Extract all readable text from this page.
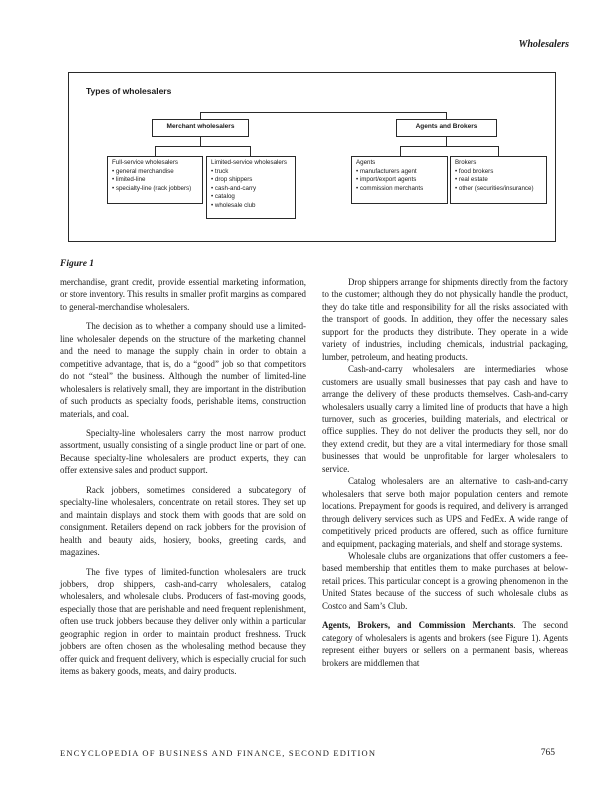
Wholesalers
Types of wholesalers
Merchant wholesalers	Agents and Brokers
Full-service wholesalers
• general merchandise
• limited-line
• specialty-line (rack jobbers)
Limited-service wholesalers
• truck
• drop shippers
• cash-and-carry
• catalog
• wholesale club
Agents
• manufacturers agent
• import/export agents
• commission merchants
Brokers
• food brokers
• real estate
• other (securities/insurance)
Figure 1

merchandise, grant credit, provide essential marketing information, or store inventory. This results in smaller profit margins as compared to general-merchandise wholesalers.

The decision as to whether a company should use a limited-line wholesaler depends on the structure of the marketing channel and the need to manage the supply chain in order to obtain a competitive advantage, that is, do a “good” job so that competitors do not “steal” the business. Although the number of limited-line wholesalers is relatively small, they are important in the distribution of such products as specialty foods, perishable items, construction materials, and coal.

Specialty-line wholesalers carry the most narrow product assortment, usually consisting of a single product line or part of one. Because specialty-line wholesalers are product experts, they can offer extensive sales and product support.

Rack jobbers, sometimes considered a subcategory of specialty-line wholesalers, concentrate on retail stores. They set up and maintain displays and stock them with goods that are sold on consignment. Retailers depend on rack jobbers for the provision of health and beauty aids, hosiery, books, greeting cards, and magazines.

The five types of limited-function wholesalers are truck jobbers, drop shippers, cash-and-carry wholesalers, catalog wholesalers, and wholesale clubs. Producers of fast-moving goods, especially those that are perishable and need frequent replenishment, often use truck jobbers because they deliver only within a particular geographic region in order to maintain product freshness. Truck jobbers are often chosen as the wholesaling method because they offer quick and frequent delivery, which is especially crucial for such items as bakery goods, meats, and dairy products.

Drop shippers arrange for shipments directly from the factory to the customer; although they do not physically handle the product, they do take title and responsibility for all the risks associated with the transport of goods. In addition, they offer the necessary sales support for the products they distribute. They operate in a wide variety of industries, including chemicals, industrial packaging, lumber, petroleum, and heating products.

Cash-and-carry wholesalers are intermediaries whose customers are usually small businesses that pay cash and have to arrange the delivery of these products themselves. Cash-and-carry wholesalers usually carry a limited line of products that have a high turnover, such as groceries, building materials, and electrical or office supplies. They do not deliver the products they sell, nor do they extend credit, but they are a vital intermediary for those small businesses that would be unprofitable for larger wholesalers to service.

Catalog wholesalers are an alternative to cash-and-carry wholesalers that serve both major population centers and remote locations. Prepayment for goods is required, and delivery is arranged through delivery services such as UPS and FedEx. A wide range of competitively priced products are offered, such as office furniture and equipment, packaging materials, and shelf and storage systems.

Wholesale clubs are organizations that offer customers a fee-based membership that entitles them to make purchases at below-retail prices. This particular concept is a growing phenomenon in the United States because of the success of such wholesale clubs as Costco and Sam’s Club.

Agents, Brokers, and Commission Merchants. The second category of wholesalers is agents and brokers (see Figure 1). Agents represent either buyers or sellers on a permanent basis, whereas brokers are middlemen that

ENCYCLOPEDIA OF BUSINESS AND FINANCE, SECOND EDITION	765
